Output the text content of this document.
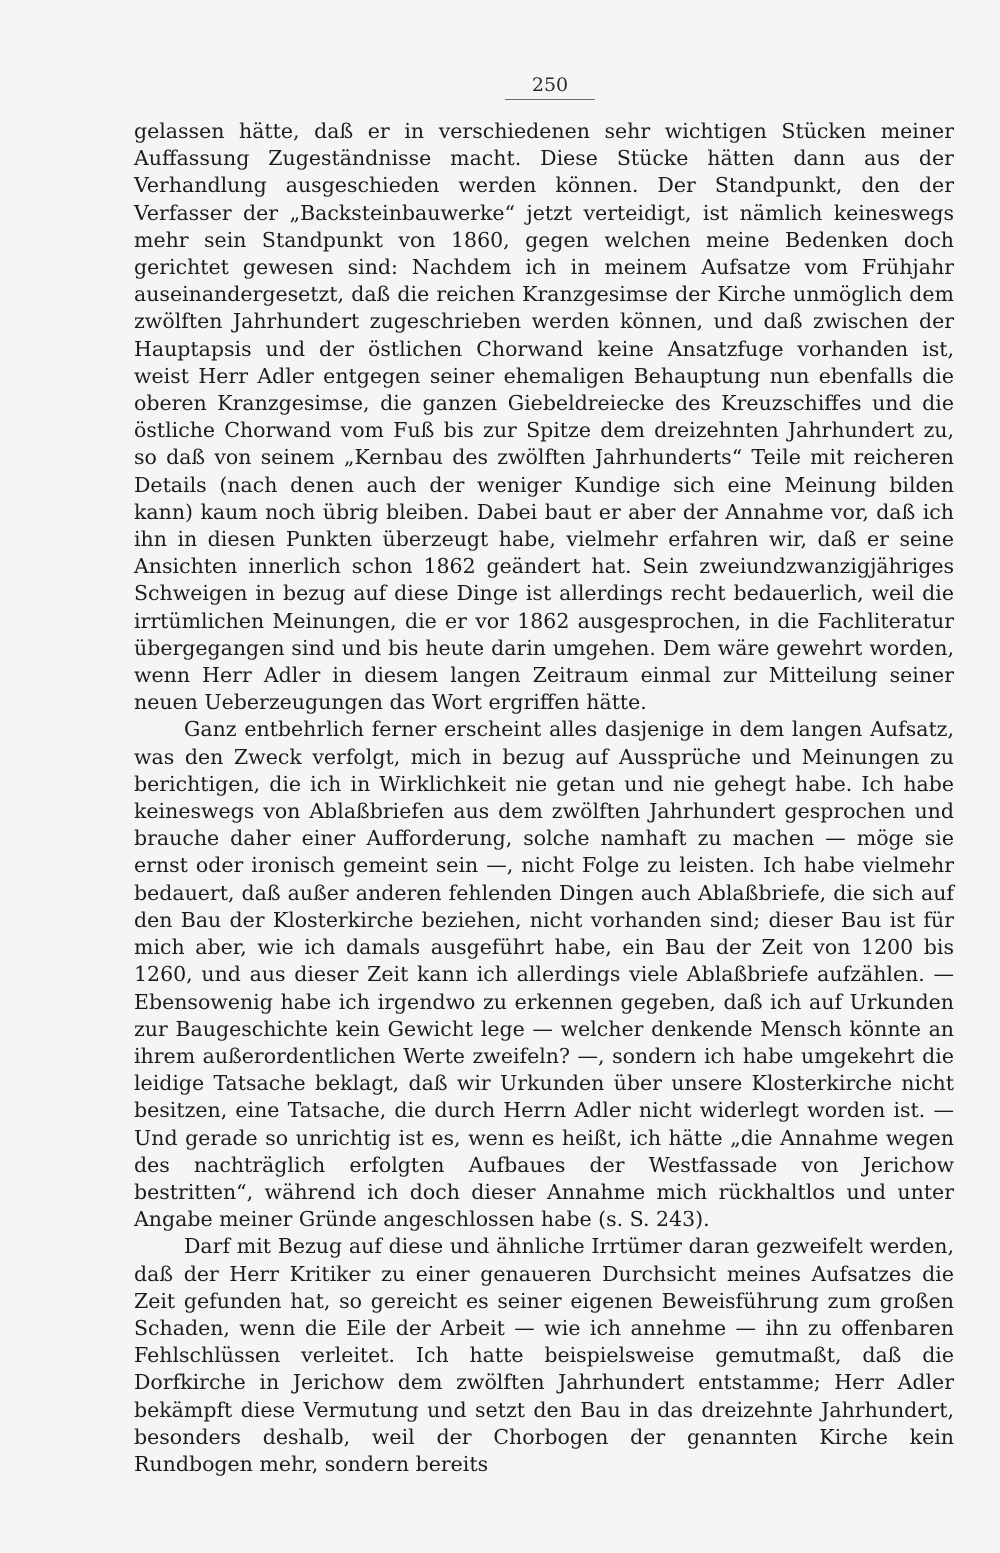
250

gelassen hätte, daß er in verschiedenen sehr wichtigen Stücken meiner Auffassung Zugeständnisse macht. Diese Stücke hätten dann aus der Verhandlung ausgeschieden werden können. Der Standpunkt, den der Verfasser der „Backsteinbauwerke“ jetzt verteidigt, ist nämlich keineswegs mehr sein Standpunkt von 1860, gegen welchen meine Bedenken doch gerichtet gewesen sind: Nachdem ich in meinem Aufsatze vom Frühjahr auseinandergesetzt, daß die reichen Kranzgesimse der Kirche unmöglich dem zwölften Jahrhundert zugeschrieben werden können, und daß zwischen der Hauptapsis und der östlichen Chorwand keine Ansatzfuge vorhanden ist, weist Herr Adler entgegen seiner ehemaligen Behauptung nun ebenfalls die oberen Kranzgesimse, die ganzen Giebeldreiecke des Kreuzschiffes und die östliche Chorwand vom Fuß bis zur Spitze dem dreizehnten Jahrhundert zu, so daß von seinem „Kernbau des zwölften Jahrhunderts“ Teile mit reicheren Details (nach denen auch der weniger Kundige sich eine Meinung bilden kann) kaum noch übrig bleiben. Dabei baut er aber der Annahme vor, daß ich ihn in diesen Punkten überzeugt habe, vielmehr erfahren wir, daß er seine Ansichten innerlich schon 1862 geändert hat. Sein zweiundzwanzigjähriges Schweigen in bezug auf diese Dinge ist allerdings recht bedauerlich, weil die irrtümlichen Meinungen, die er vor 1862 ausgesprochen, in die Fachliteratur übergegangen sind und bis heute darin umgehen. Dem wäre gewehrt worden, wenn Herr Adler in diesem langen Zeitraum einmal zur Mitteilung seiner neuen Ueberzeugungen das Wort ergriffen hätte.

Ganz entbehrlich ferner erscheint alles dasjenige in dem langen Aufsatz, was den Zweck verfolgt, mich in bezug auf Aussprüche und Meinungen zu berichtigen, die ich in Wirklichkeit nie getan und nie gehegt habe. Ich habe keineswegs von Ablaßbriefen aus dem zwölften Jahrhundert gesprochen und brauche daher einer Aufforderung, solche namhaft zu machen — möge sie ernst oder ironisch gemeint sein —, nicht Folge zu leisten. Ich habe vielmehr bedauert, daß außer anderen fehlenden Dingen auch Ablaßbriefe, die sich auf den Bau der Klosterkirche beziehen, nicht vorhanden sind; dieser Bau ist für mich aber, wie ich damals ausgeführt habe, ein Bau der Zeit von 1200 bis 1260, und aus dieser Zeit kann ich allerdings viele Ablaßbriefe aufzählen. — Ebensowenig habe ich irgendwo zu erkennen gegeben, daß ich auf Urkunden zur Baugeschichte kein Gewicht lege — welcher denkende Mensch könnte an ihrem außerordentlichen Werte zweifeln? —, sondern ich habe umgekehrt die leidige Tatsache beklagt, daß wir Urkunden über unsere Klosterkirche nicht besitzen, eine Tatsache, die durch Herrn Adler nicht widerlegt worden ist. — Und gerade so unrichtig ist es, wenn es heißt, ich hätte „die Annahme wegen des nachträglich erfolgten Aufbaues der Westfassade von Jerichow bestritten“, während ich doch dieser Annahme mich rückhaltlos und unter Angabe meiner Gründe angeschlossen habe (s. S. 243).

Darf mit Bezug auf diese und ähnliche Irrtümer daran gezweifelt werden, daß der Herr Kritiker zu einer genaueren Durchsicht meines Aufsatzes die Zeit gefunden hat, so gereicht es seiner eigenen Beweisführung zum großen Schaden, wenn die Eile der Arbeit — wie ich annehme — ihn zu offenbaren Fehlschlüssen verleitet. Ich hatte beispielsweise gemutmaßt, daß die Dorfkirche in Jerichow dem zwölften Jahrhundert entstamme; Herr Adler bekämpft diese Vermutung und setzt den Bau in das dreizehnte Jahrhundert, besonders deshalb, weil der Chorbogen der genannten Kirche kein Rundbogen mehr, sondern bereits
